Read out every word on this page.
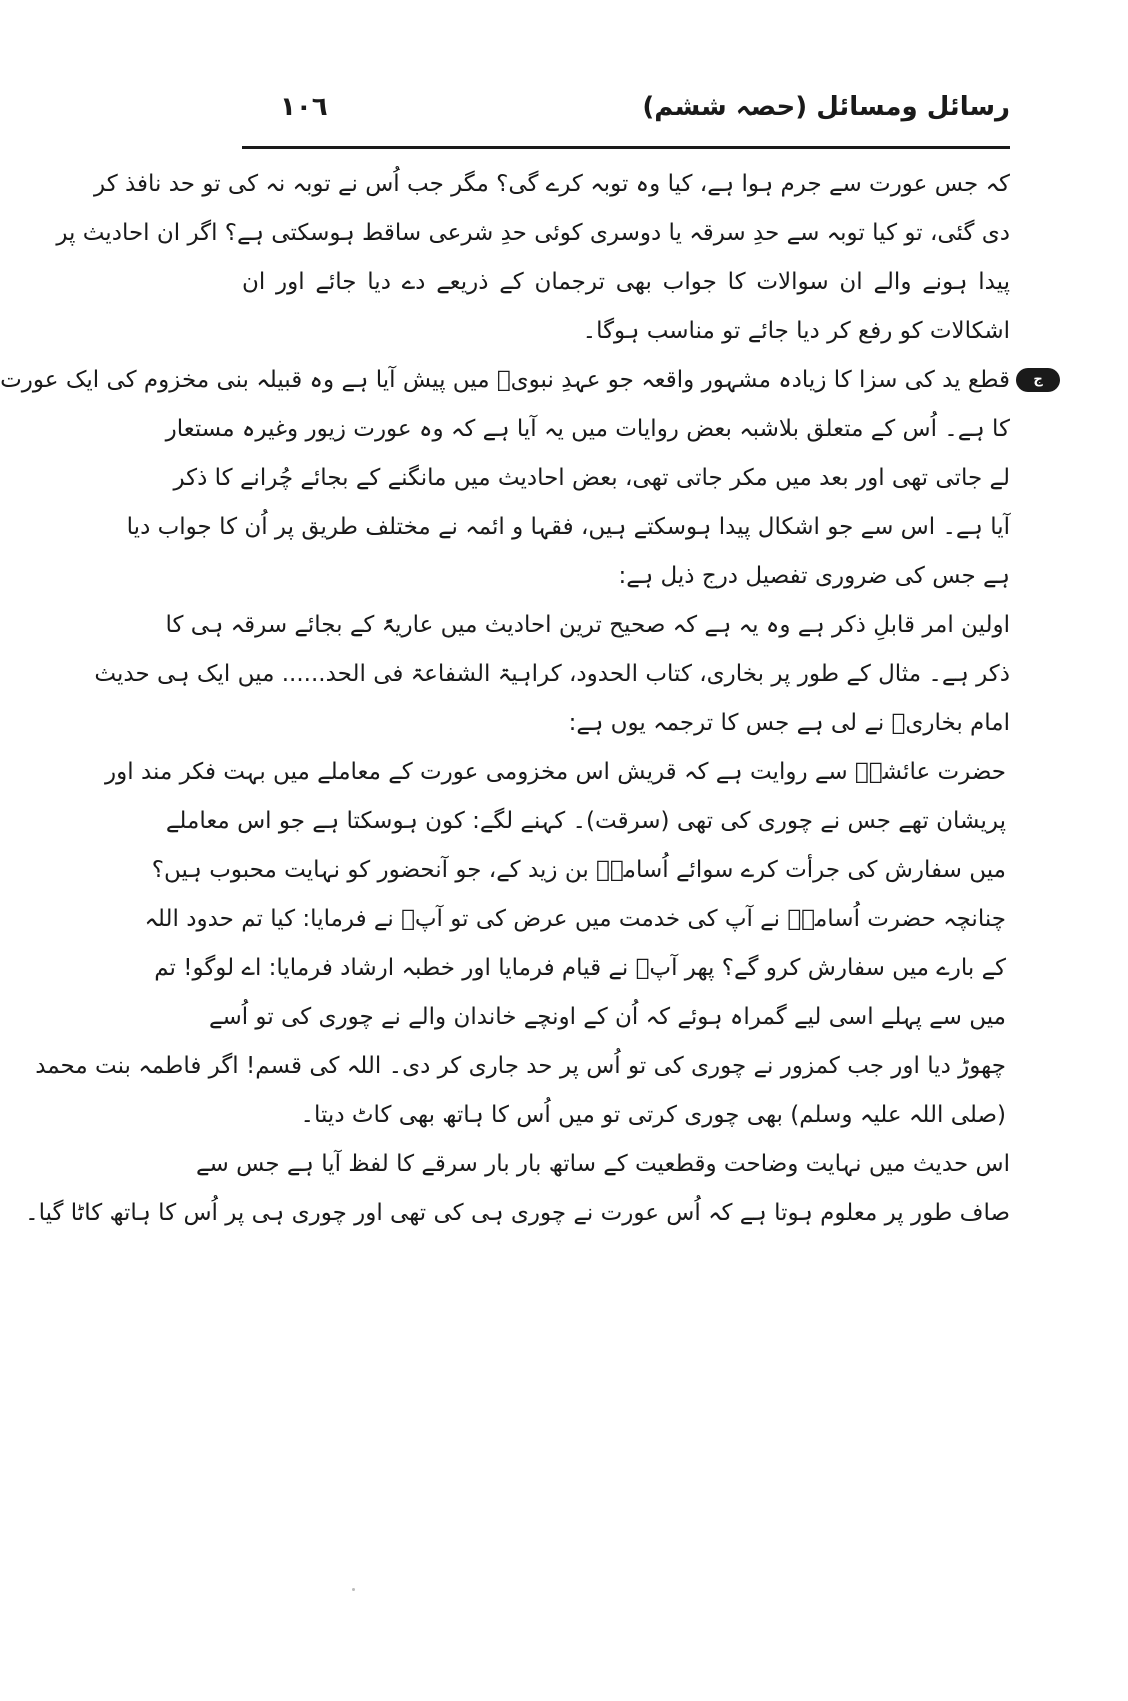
رسائل ومسائل (حصہ ششم)
١٠٦
کہ جس عورت سے جرم ہوا ہے، کیا وہ توبہ کرے گی؟ مگر جب اُس نے توبہ نہ کی تو حد نافذ کر
دی گئی، تو کیا توبہ سے حدِ سرقہ یا دوسری کوئی حدِ شرعی ساقط ہوسکتی ہے؟ اگر ان احادیث پر
پیدا ہونے والے ان سوالات کا جواب بھی ترجمان کے ذریعے دے دیا جائے اور ان
اشکالات کو رفع کر دیا جائے تو مناسب ہوگا۔
ج
قطع ید کی سزا کا زیادہ مشہور واقعہ جو عہدِ نبویؐ میں پیش آیا ہے وہ قبیلہ بنی مخزوم کی ایک عورت
کا ہے۔ اُس کے متعلق بلاشبہ بعض روایات میں یہ آیا ہے کہ وہ عورت زیور وغیرہ مستعار
لے جاتی تھی اور بعد میں مکر جاتی تھی، بعض احادیث میں مانگنے کے بجائے چُرانے کا ذکر
آیا ہے۔ اس سے جو اشکال پیدا ہوسکتے ہیں، فقہا و ائمہ نے مختلف طریق پر اُن کا جواب دیا
ہے جس کی ضروری تفصیل درج ذیل ہے:
اولین امر قابلِ ذکر ہے وہ یہ ہے کہ صحیح ترین احادیث میں عاریۃً کے بجائے سرقہ ہی کا
ذکر ہے۔ مثال کے طور پر بخاری، کتاب الحدود، کراہیۃ الشفاعۃ فی الحد...... میں ایک ہی حدیث
امام بخاریؒ نے لی ہے جس کا ترجمہ یوں ہے:
حضرت عائشہؓ سے روایت ہے کہ قریش اس مخزومی عورت کے معاملے میں بہت فکر مند اور
پریشان تھے جس نے چوری کی تھی (سرقت)۔ کہنے لگے: کون ہوسکتا ہے جو اس معاملے
میں سفارش کی جرأت کرے سوائے اُسامہؓ بن زید کے، جو آنحضور کو نہایت محبوب ہیں؟
چنانچہ حضرت اُسامہؓ نے آپ کی خدمت میں عرض کی تو آپؐ نے فرمایا: کیا تم حدود اللہ
کے بارے میں سفارش کرو گے؟ پھر آپؐ نے قیام فرمایا اور خطبہ ارشاد فرمایا: اے لوگو! تم
میں سے پہلے اسی لیے گمراہ ہوئے کہ اُن کے اونچے خاندان والے نے چوری کی تو اُسے
چھوڑ دیا اور جب کمزور نے چوری کی تو اُس پر حد جاری کر دی۔ اللہ کی قسم! اگر فاطمہ بنت محمد
(صلی اللہ علیہ وسلم) بھی چوری کرتی تو میں اُس کا ہاتھ بھی کاٹ دیتا۔
اس حدیث میں نہایت وضاحت وقطعیت کے ساتھ بار بار سرقے کا لفظ آیا ہے جس سے
صاف طور پر معلوم ہوتا ہے کہ اُس عورت نے چوری ہی کی تھی اور چوری ہی پر اُس کا ہاتھ کاٹا گیا۔
